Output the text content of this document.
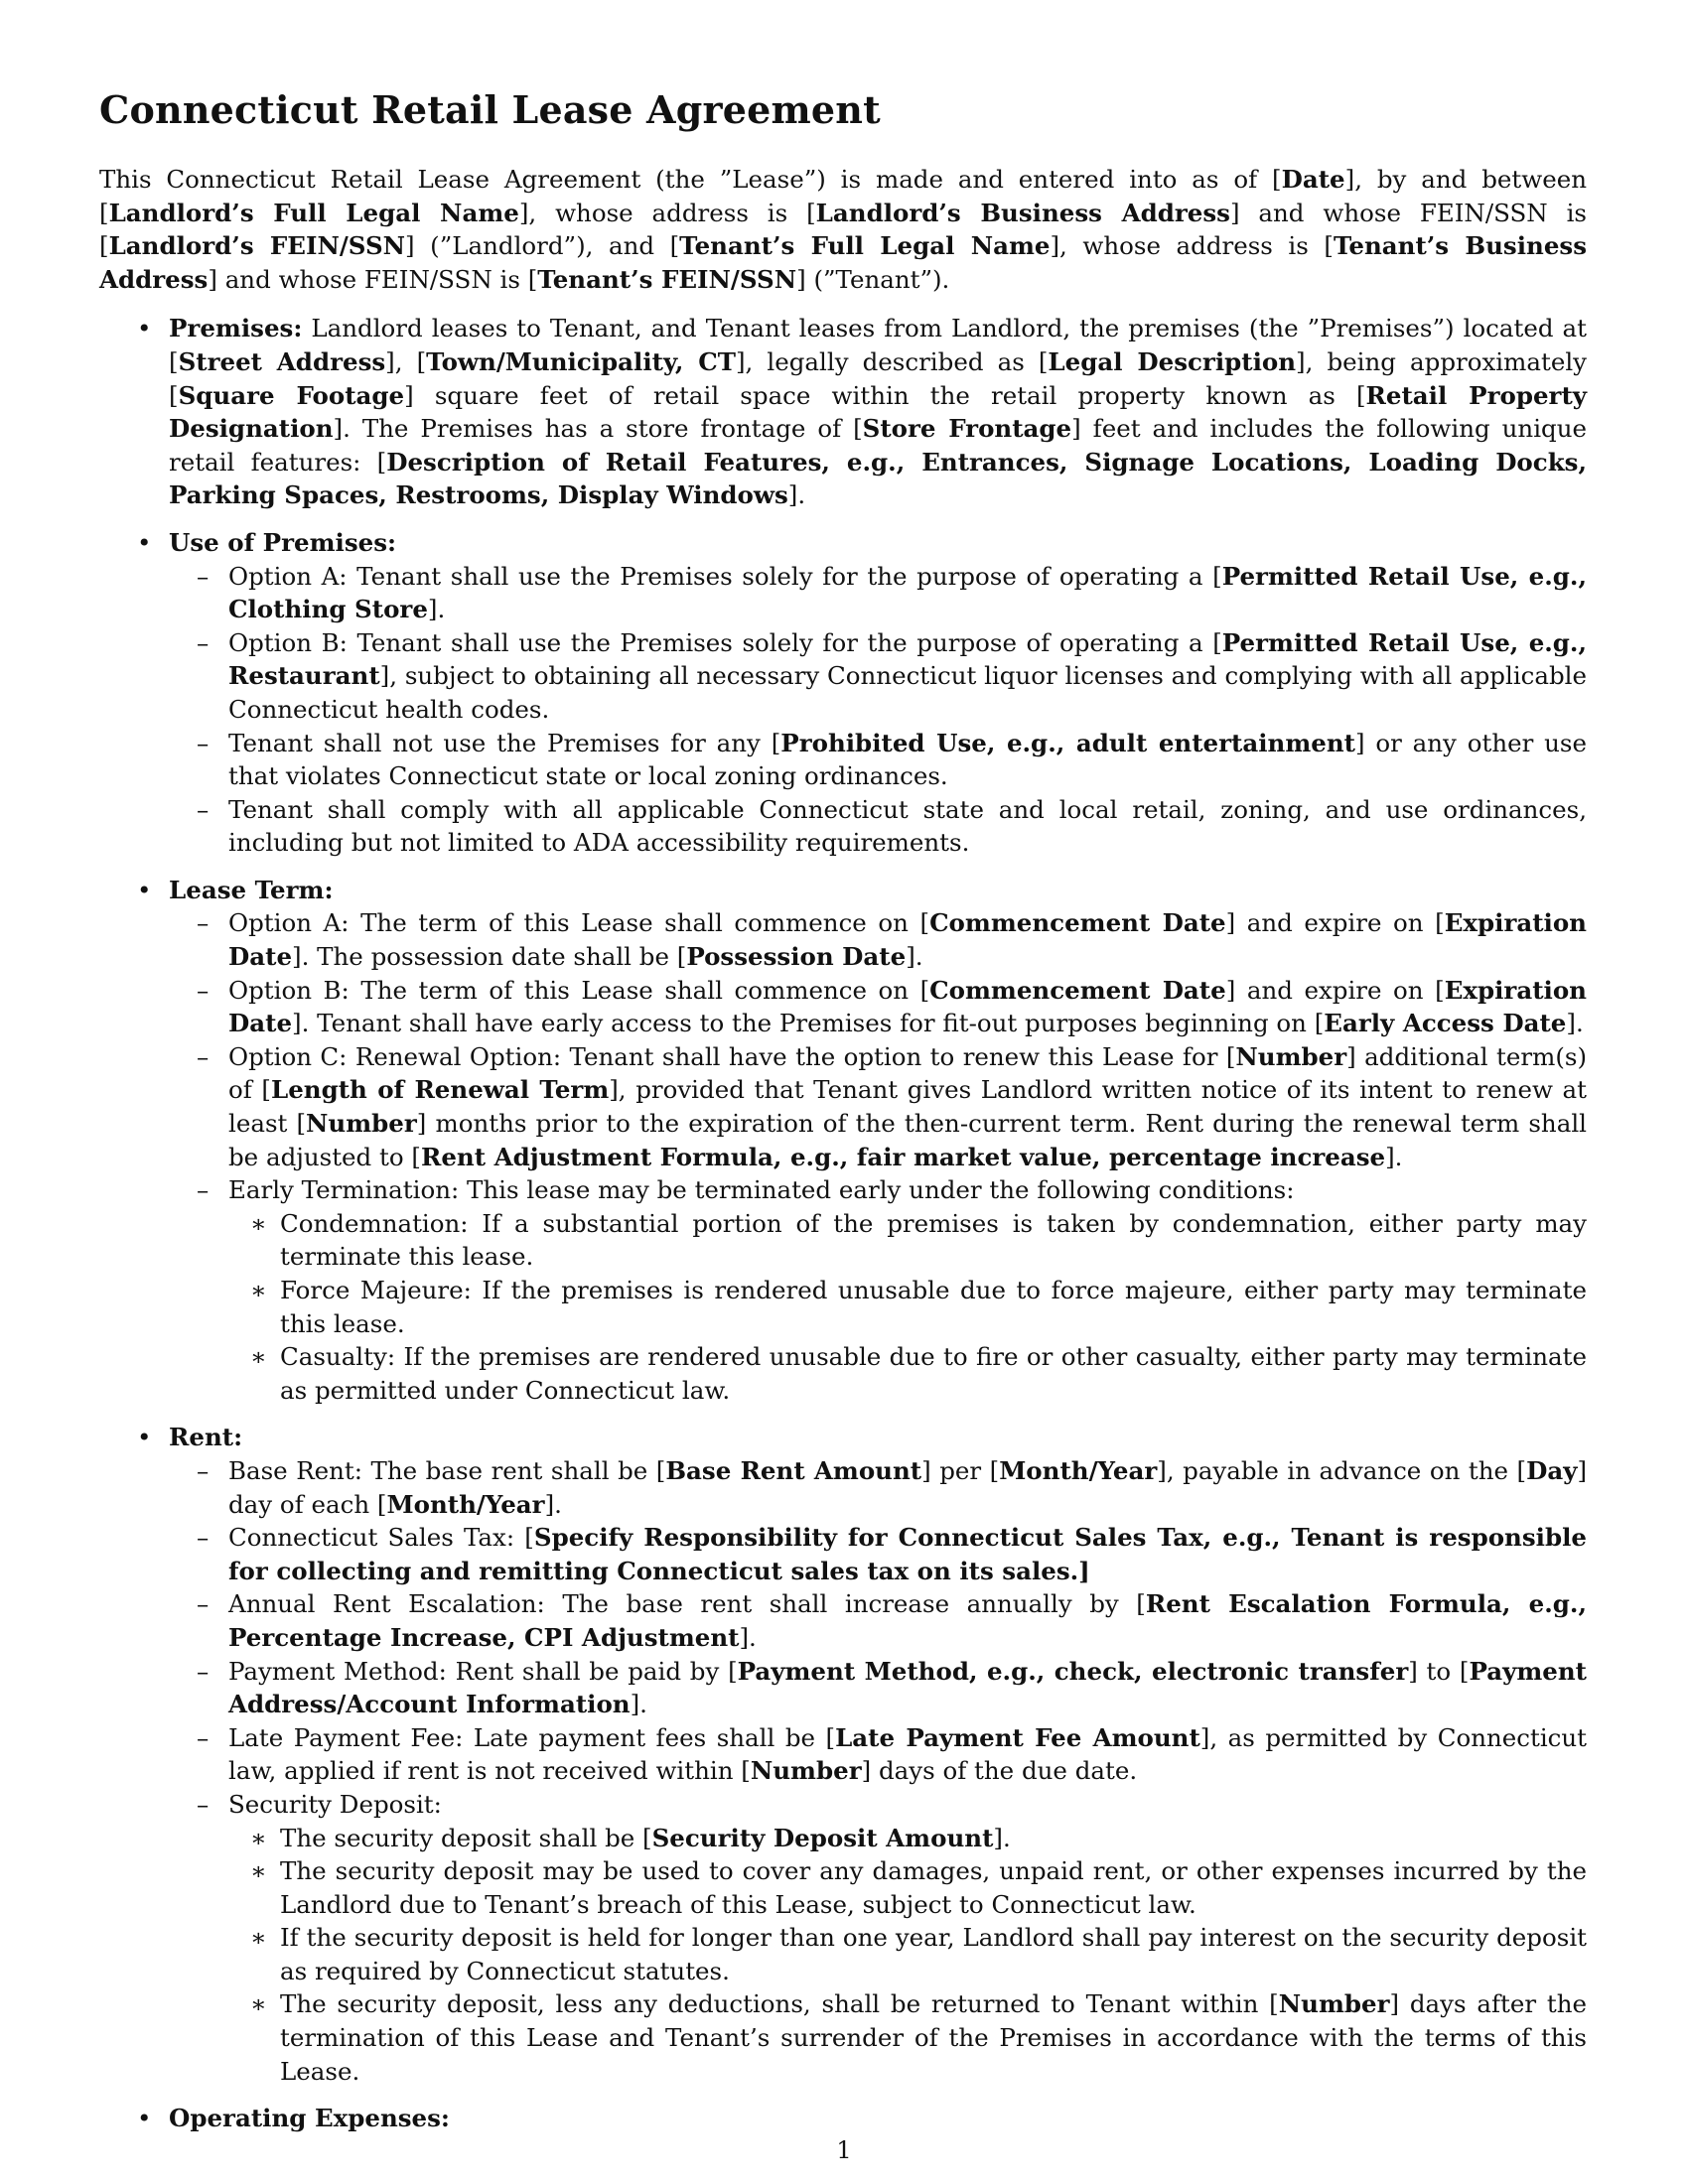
Connecticut Retail Lease Agreement

This Connecticut Retail Lease Agreement (the ”Lease”) is made and entered into as of [Date], by and between [Landlord’s Full Legal Name], whose address is [Landlord’s Business Address] and whose FEIN/SSN is [Landlord’s FEIN/SSN] (”Landlord”), and [Tenant’s Full Legal Name], whose address is [Tenant’s Business Address] and whose FEIN/SSN is [Tenant’s FEIN/SSN] (”Tenant”).

• Premises: Landlord leases to Tenant, and Tenant leases from Landlord, the premises (the ”Premises”) located at [Street Address], [Town/Municipality, CT], legally described as [Legal Description], being approximately [Square Footage] square feet of retail space within the retail property known as [Retail Property Designation]. The Premises has a store frontage of [Store Frontage] feet and includes the following unique retail features: [Description of Retail Features, e.g., Entrances, Signage Locations, Loading Docks, Parking Spaces, Restrooms, Display Windows].
• Use of Premises:
– Option A: Tenant shall use the Premises solely for the purpose of operating a [Permitted Retail Use, e.g., Clothing Store].
– Option B: Tenant shall use the Premises solely for the purpose of operating a [Permitted Retail Use, e.g., Restaurant], subject to obtaining all necessary Connecticut liquor licenses and complying with all applicable Connecticut health codes.
– Tenant shall not use the Premises for any [Prohibited Use, e.g., adult entertainment] or any other use that violates Connecticut state or local zoning ordinances.
– Tenant shall comply with all applicable Connecticut state and local retail, zoning, and use ordinances, including but not limited to ADA accessibility requirements.
• Lease Term:
– Option A: The term of this Lease shall commence on [Commencement Date] and expire on [Expiration Date]. The possession date shall be [Possession Date].
– Option B: The term of this Lease shall commence on [Commencement Date] and expire on [Expiration Date]. Tenant shall have early access to the Premises for fit-out purposes beginning on [Early Access Date].
– Option C: Renewal Option: Tenant shall have the option to renew this Lease for [Number] additional term(s) of [Length of Renewal Term], provided that Tenant gives Landlord written notice of its intent to renew at least [Number] months prior to the expiration of the then-current term. Rent during the renewal term shall be adjusted to [Rent Adjustment Formula, e.g., fair market value, percentage increase].
– Early Termination: This lease may be terminated early under the following conditions:
∗ Condemnation: If a substantial portion of the premises is taken by condemnation, either party may terminate this lease.
∗ Force Majeure: If the premises is rendered unusable due to force majeure, either party may terminate this lease.
∗ Casualty: If the premises are rendered unusable due to fire or other casualty, either party may terminate as permitted under Connecticut law.
• Rent:
– Base Rent: The base rent shall be [Base Rent Amount] per [Month/Year], payable in advance on the [Day] day of each [Month/Year].
– Connecticut Sales Tax: [Specify Responsibility for Connecticut Sales Tax, e.g., Tenant is responsible for collecting and remitting Connecticut sales tax on its sales.]
– Annual Rent Escalation: The base rent shall increase annually by [Rent Escalation Formula, e.g., Percentage Increase, CPI Adjustment].
– Payment Method: Rent shall be paid by [Payment Method, e.g., check, electronic transfer] to [Payment Address/Account Information].
– Late Payment Fee: Late payment fees shall be [Late Payment Fee Amount], as permitted by Connecticut law, applied if rent is not received within [Number] days of the due date.
– Security Deposit:
∗ The security deposit shall be [Security Deposit Amount].
∗ The security deposit may be used to cover any damages, unpaid rent, or other expenses incurred by the Landlord due to Tenant’s breach of this Lease, subject to Connecticut law.
∗ If the security deposit is held for longer than one year, Landlord shall pay interest on the security deposit as required by Connecticut statutes.
∗ The security deposit, less any deductions, shall be returned to Tenant within [Number] days after the termination of this Lease and Tenant’s surrender of the Premises in accordance with the terms of this Lease.
• Operating Expenses:
1
